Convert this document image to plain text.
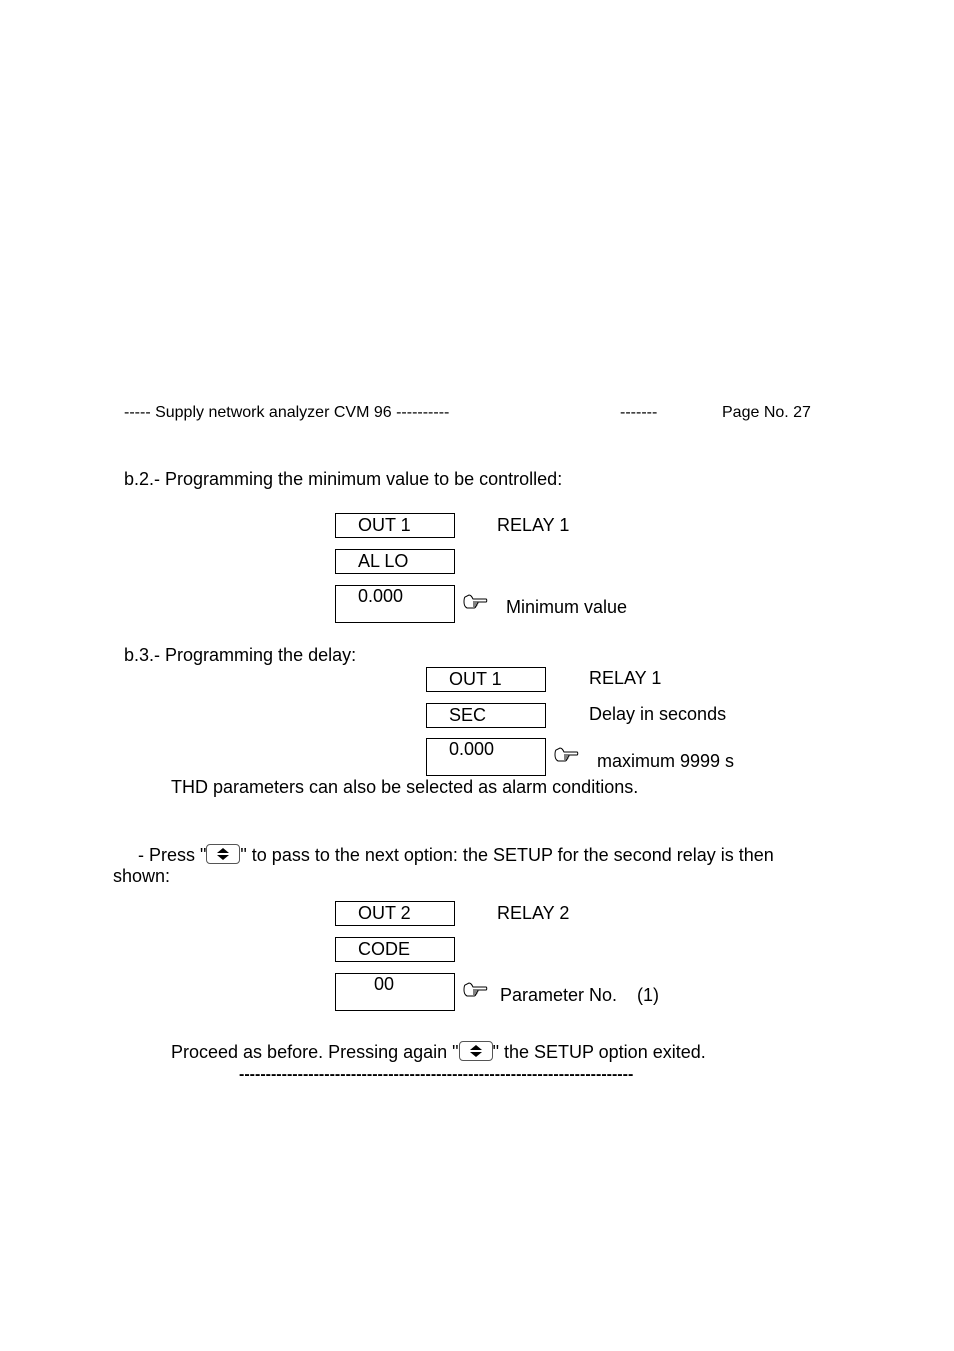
----- Supply network analyzer CVM 96 ----------	-------	Page No. 27
b.2.- Programming the minimum value to be controlled:
OUT 1	RELAY 1
AL LO
0.000
Minimum value
b.3.- Programming the delay:
OUT 1	RELAY 1
SEC	Delay in seconds
0.000
maximum 9999 s
THD parameters can also be selected as alarm conditions.
- Press " " to pass to the next option: the SETUP for the second relay is then
shown:
OUT 2	RELAY 2
CODE
00
Parameter No.    (1)
Proceed as before. Pressing again " " the SETUP option exited.
--------------------------------------------------------------------------
